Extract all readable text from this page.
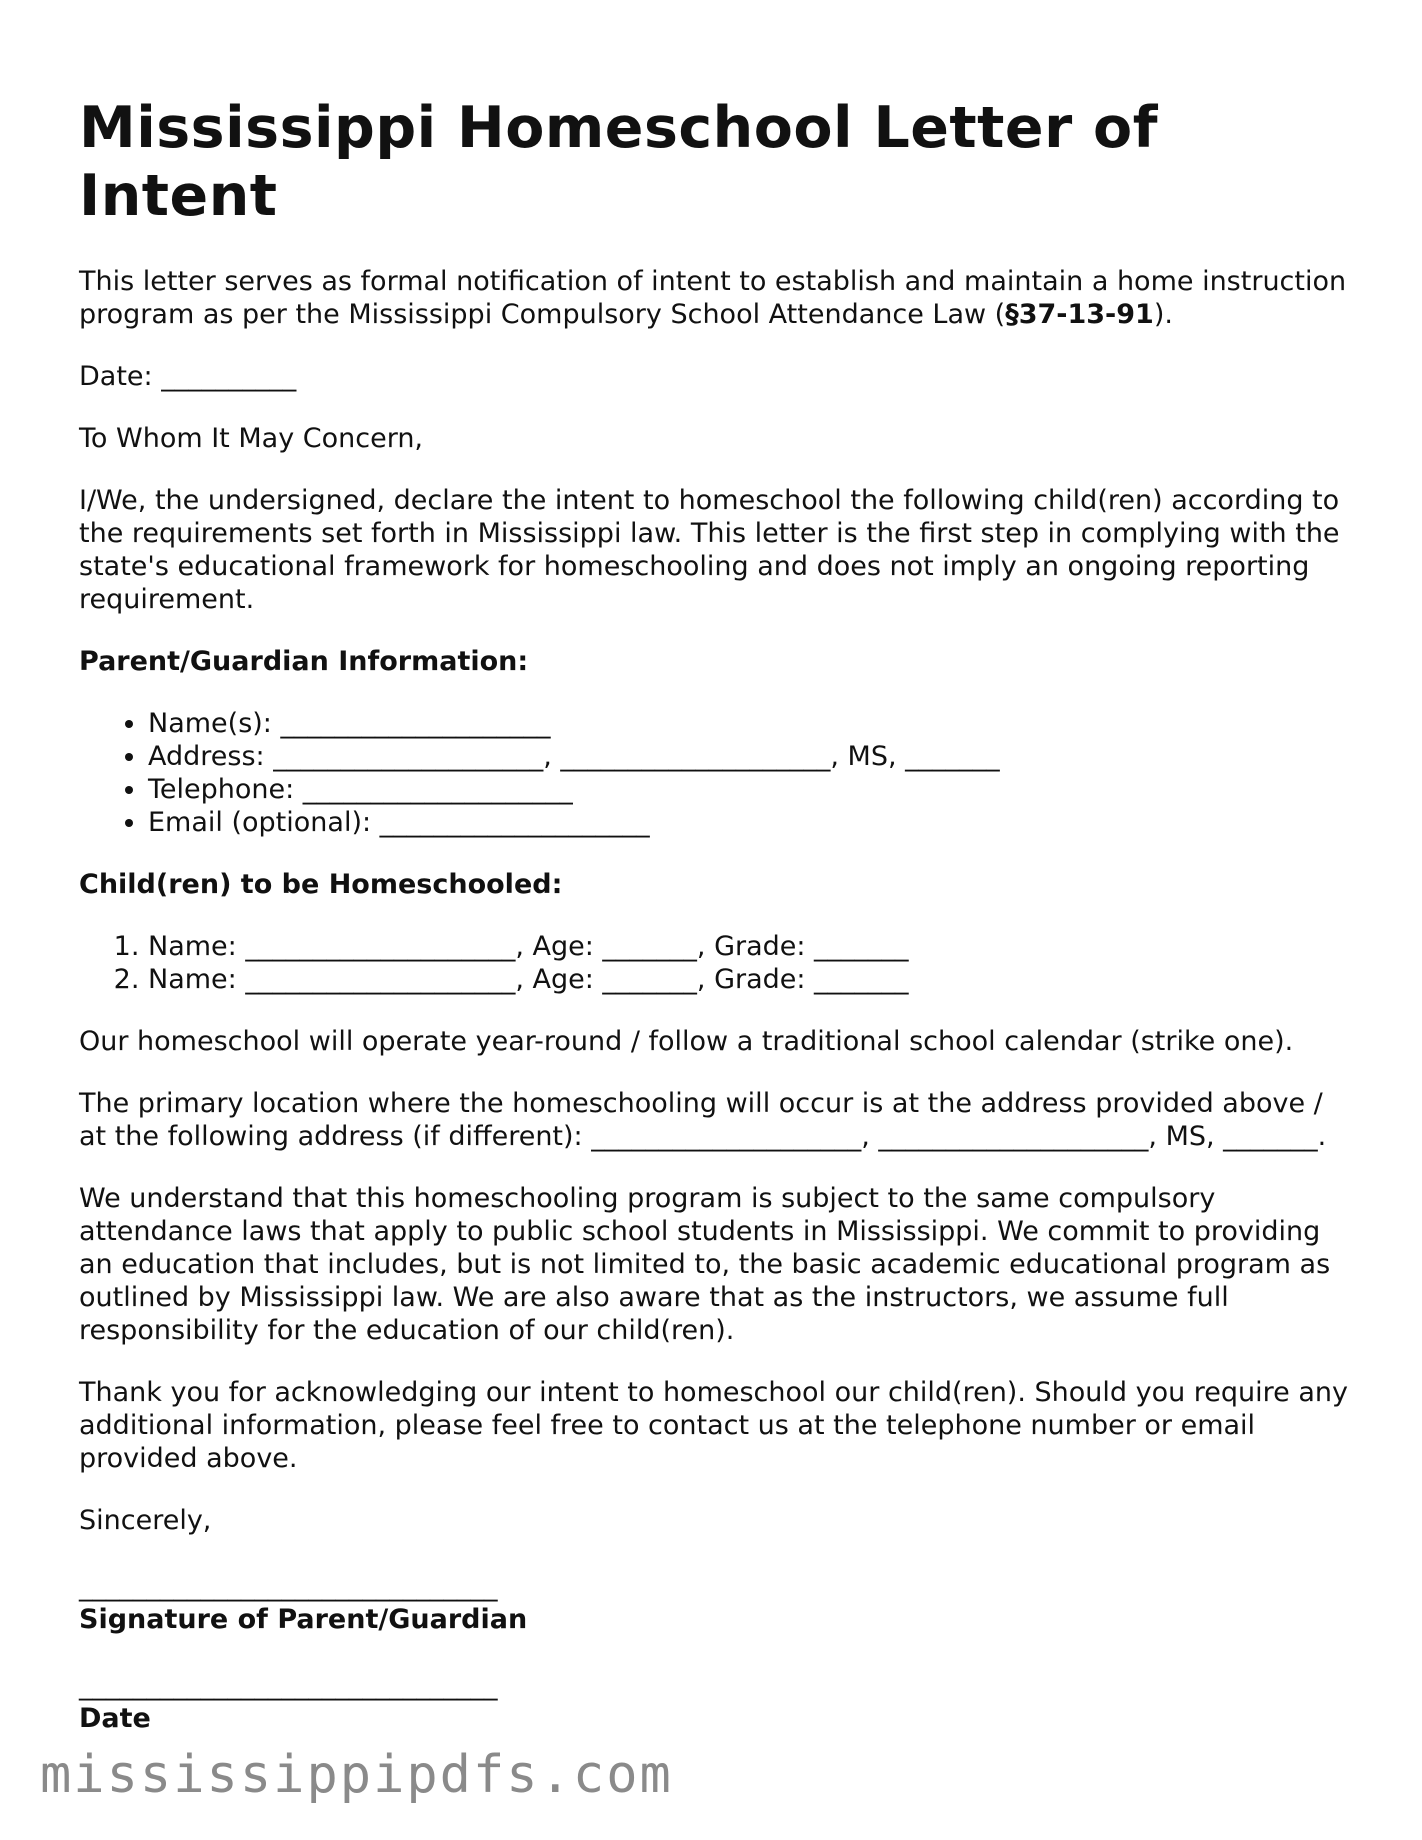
Mississippi Homeschool Letter of Intent

This letter serves as formal notification of intent to establish and maintain a home instruction program as per the Mississippi Compulsory School Attendance Law (§37-13-91).

Date: __________

To Whom It May Concern,

I/We, the undersigned, declare the intent to homeschool the following child(ren) according to the requirements set forth in Mississippi law. This letter is the first step in complying with the state's educational framework for homeschooling and does not imply an ongoing reporting requirement.

Parent/Guardian Information:

• Name(s): ____________________
• Address: ____________________, ____________________, MS, _______
• Telephone: ____________________
• Email (optional): ____________________

Child(ren) to be Homeschooled:

1. Name: ____________________, Age: _______, Grade: _______
2. Name: ____________________, Age: _______, Grade: _______

Our homeschool will operate year-round / follow a traditional school calendar (strike one).

The primary location where the homeschooling will occur is at the address provided above / at the following address (if different): ____________________, ____________________, MS, _______.

We understand that this homeschooling program is subject to the same compulsory attendance laws that apply to public school students in Mississippi. We commit to providing an education that includes, but is not limited to, the basic academic educational program as outlined by Mississippi law. We are also aware that as the instructors, we assume full responsibility for the education of our child(ren).

Thank you for acknowledging our intent to homeschool our child(ren). Should you require any additional information, please feel free to contact us at the telephone number or email provided above.

Sincerely,

_______________________________

Signature of Parent/Guardian

_______________________________

Date

mississippipdfs.com
